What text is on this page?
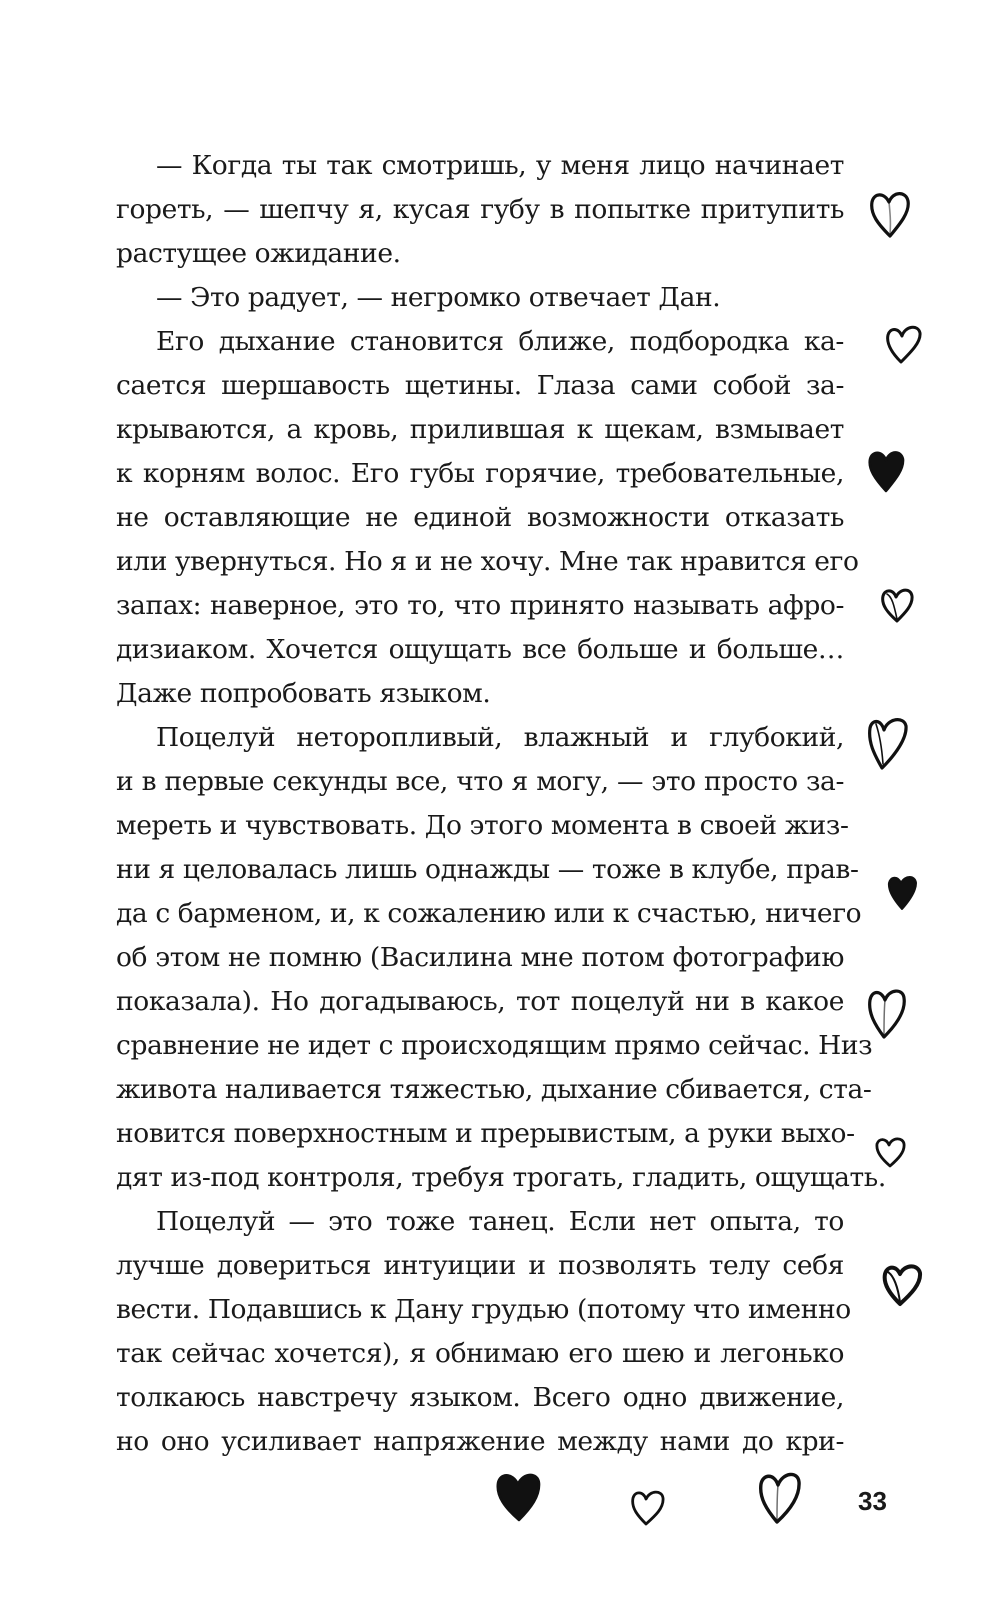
— Когда ты так смотришь, у меня лицо начинает
гореть, — шепчу я, кусая губу в попытке притупить
растущее ожидание.
— Это радует, — негромко отвечает Дан.
Его дыхание становится ближе, подбородка ка-
сается шершавость щетины. Глаза сами собой за-
крываются, а кровь, прилившая к щекам, взмывает
к корням волос. Его губы горячие, требовательные,
не оставляющие не единой возможности отказать
или увернуться. Но я и не хочу. Мне так нравится его
запах: наверное, это то, что принято называть афро-
дизиаком. Хочется ощущать все больше и больше…
Даже попробовать языком.
Поцелуй неторопливый, влажный и глубокий,
и в первые секунды все, что я могу, — это просто за-
мереть и чувствовать. До этого момента в своей жиз-
ни я целовалась лишь однажды — тоже в клубе, прав-
да с барменом, и, к сожалению или к счастью, ничего
об этом не помню (Василина мне потом фотографию
показала). Но догадываюсь, тот поцелуй ни в какое
сравнение не идет с происходящим прямо сейчас. Низ
живота наливается тяжестью, дыхание сбивается, ста-
новится поверхностным и прерывистым, а руки выхо-
дят из-под контроля, требуя трогать, гладить, ощущать.
Поцелуй — это тоже танец. Если нет опыта, то
лучше довериться интуиции и позволять телу себя
вести. Подавшись к Дану грудью (потому что именно
так сейчас хочется), я обнимаю его шею и легонько
толкаюсь навстречу языком. Всего одно движение,
но оно усиливает напряжение между нами до кри-
33
